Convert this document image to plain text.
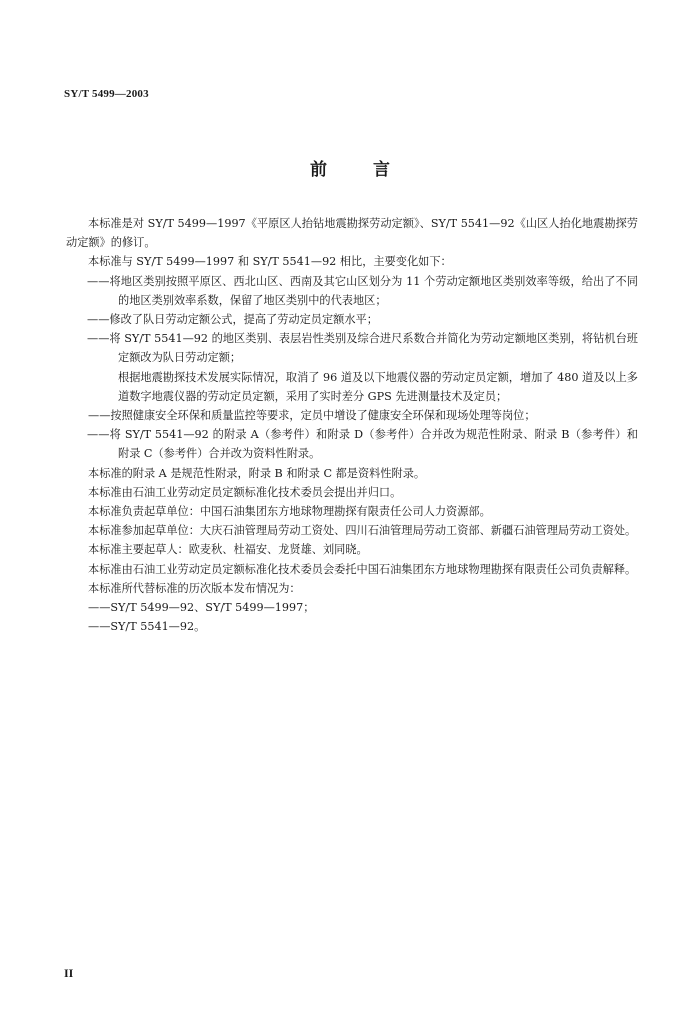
SY/T 5499—2003
前言

本标准是对 SY/T 5499—1997《平原区人抬钻地震勘探劳动定额》、SY/T 5541—92《山区人抬化地震勘探劳动定额》的修订。

本标准与 SY/T 5499—1997 和 SY/T 5541—92 相比，主要变化如下：

——将地区类别按照平原区、西北山区、西南及其它山区划分为 11 个劳动定额地区类别效率等级，给出了不同的地区类别效率系数，保留了地区类别中的代表地区；

——修改了队日劳动定额公式，提高了劳动定员定额水平；

——将 SY/T 5541—92 的地区类别、表层岩性类别及综合进尺系数合并简化为劳动定额地区类别，将钻机台班定额改为队日劳动定额；

根据地震勘探技术发展实际情况，取消了 96 道及以下地震仪器的劳动定员定额，增加了 480 道及以上多道数字地震仪器的劳动定员定额，采用了实时差分 GPS 先进测量技术及定员；

——按照健康安全环保和质量监控等要求，定员中增设了健康安全环保和现场处理等岗位；

——将 SY/T 5541—92 的附录 A（参考件）和附录 D（参考件）合并改为规范性附录、附录 B（参考件）和附录 C（参考件）合并改为资料性附录。

本标准的附录 A 是规范性附录，附录 B 和附录 C 都是资料性附录。

本标准由石油工业劳动定员定额标准化技术委员会提出并归口。

本标准负责起草单位：中国石油集团东方地球物理勘探有限责任公司人力资源部。

本标准参加起草单位：大庆石油管理局劳动工资处、四川石油管理局劳动工资部、新疆石油管理局劳动工资处。

本标准主要起草人：欧麦秋、杜福安、龙贤雄、刘同晓。

本标准由石油工业劳动定员定额标准化技术委员会委托中国石油集团东方地球物理勘探有限责任公司负责解释。

本标准所代替标准的历次版本发布情况为：

——SY/T 5499—92、SY/T 5499—1997；

——SY/T 5541—92。

II
